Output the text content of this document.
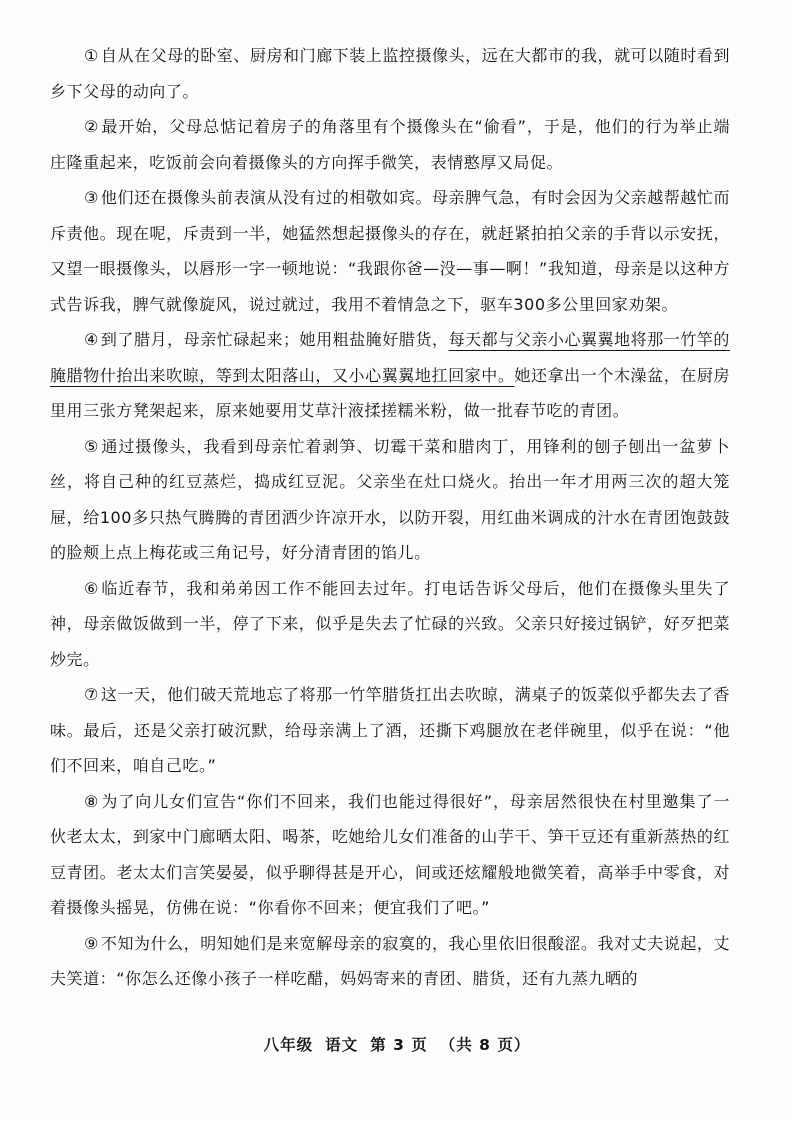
① 自从在父母的卧室、厨房和门廊下装上监控摄像头，远在大都市的我，就可以随时看到乡下父母的动向了。

② 最开始，父母总惦记着房子的角落里有个摄像头在“偷看”，于是，他们的行为举止端庄隆重起来，吃饭前会向着摄像头的方向挥手微笑，表情憨厚又局促。

③ 他们还在摄像头前表演从没有过的相敬如宾。母亲脾气急，有时会因为父亲越帮越忙而斥责他。现在呢，斥责到一半，她猛然想起摄像头的存在，就赶紧拍拍父亲的手背以示安抚，又望一眼摄像头，以唇形一字一顿地说：“我跟你爸—没—事—啊！”我知道，母亲是以这种方式告诉我，脾气就像旋风，说过就过，我用不着情急之下，驱车300多公里回家劝架。

④ 到了腊月，母亲忙碌起来；她用粗盐腌好腊货，每天都与父亲小心翼翼地将那一竹竿的腌腊物什抬出来吹晾，等到太阳落山，又小心翼翼地扛回家中。她还拿出一个木澡盆，在厨房里用三张方凳架起来，原来她要用艾草汁液揉搓糯米粉，做一批春节吃的青团。

⑤ 通过摄像头，我看到母亲忙着剥笋、切霉干菜和腊肉丁，用锋利的刨子刨出一盆萝卜丝，将自己种的红豆蒸烂，捣成红豆泥。父亲坐在灶口烧火。抬出一年才用两三次的超大笼屉，给100多只热气腾腾的青团洒少许凉开水，以防开裂，用红曲米调成的汁水在青团饱鼓鼓的脸颊上点上梅花或三角记号，好分清青团的馅儿。

⑥ 临近春节，我和弟弟因工作不能回去过年。打电话告诉父母后，他们在摄像头里失了神，母亲做饭做到一半，停了下来，似乎是失去了忙碌的兴致。父亲只好接过锅铲，好歹把菜炒完。

⑦ 这一天，他们破天荒地忘了将那一竹竿腊货扛出去吹晾，满桌子的饭菜似乎都失去了香味。最后，还是父亲打破沉默，给母亲满上了酒，还撕下鸡腿放在老伴碗里，似乎在说：“他们不回来，咱自己吃。”

⑧ 为了向儿女们宣告“你们不回来，我们也能过得很好”，母亲居然很快在村里邀集了一伙老太太，到家中门廊晒太阳、喝茶，吃她给儿女们准备的山芋干、笋干豆还有重新蒸热的红豆青团。老太太们言笑晏晏，似乎聊得甚是开心，间或还炫耀般地微笑着，高举手中零食，对着摄像头摇晃，仿佛在说：“你看你不回来；便宜我们了吧。”

⑨ 不知为什么，明知她们是来宽解母亲的寂寞的，我心里依旧很酸涩。我对丈夫说起，丈夫笑道：“你怎么还像小孩子一样吃醋，妈妈寄来的青团、腊货，还有九蒸九晒的

八年级 语文 第 3 页 （共 8 页）
